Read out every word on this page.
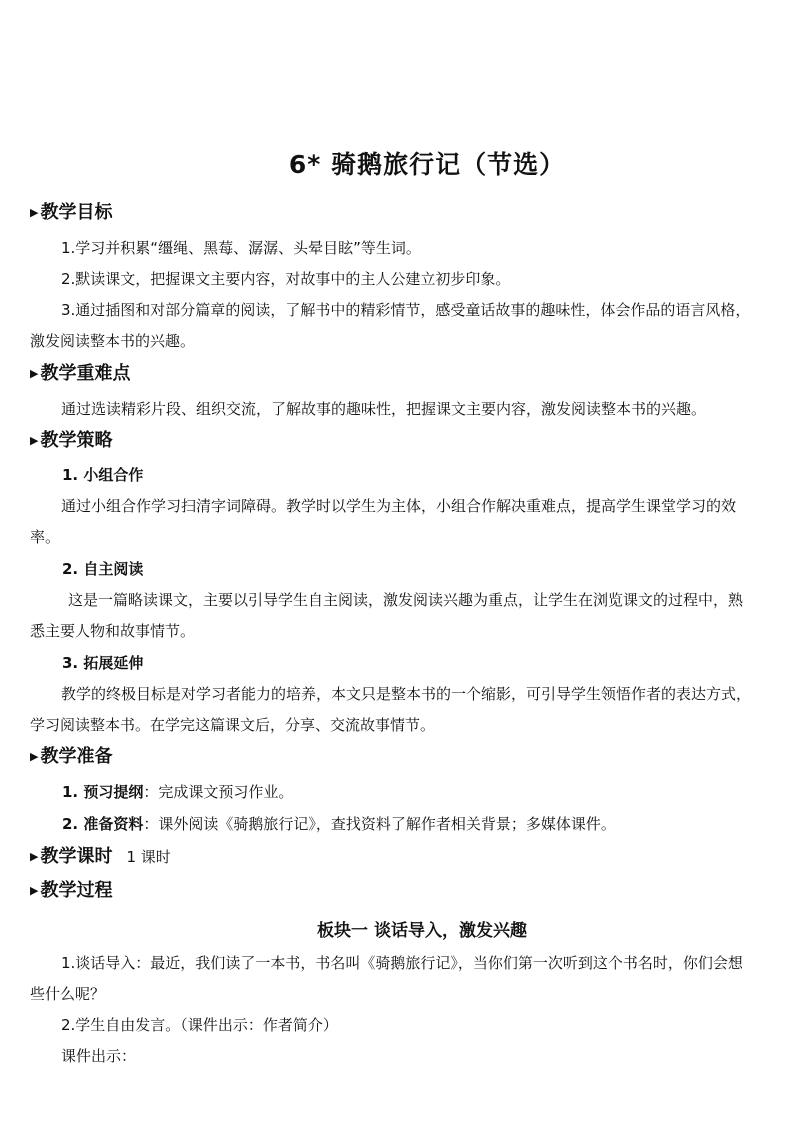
6* 骑鹅旅行记（节选）
▶ 教学目标
1.学习并积累“缰绳、黑莓、潺潺、头晕目眩”等生词。
2.默读课文，把握课文主要内容，对故事中的主人公建立初步印象。
3.通过插图和对部分篇章的阅读，了解书中的精彩情节，感受童话故事的趣味性，体会作品的语言风格，激发阅读整本书的兴趣。
▶ 教学重难点
通过选读精彩片段、组织交流，了解故事的趣味性，把握课文主要内容，激发阅读整本书的兴趣。
▶ 教学策略
1. 小组合作
通过小组合作学习扫清字词障碍。教学时以学生为主体，小组合作解决重难点，提高学生课堂学习的效率。
2. 自主阅读
这是一篇略读课文，主要以引导学生自主阅读，激发阅读兴趣为重点，让学生在浏览课文的过程中，熟悉主要人物和故事情节。
3. 拓展延伸
教学的终极目标是对学习者能力的培养，本文只是整本书的一个缩影，可引导学生领悟作者的表达方式，学习阅读整本书。在学完这篇课文后，分享、交流故事情节。
▶ 教学准备
1. 预习提纲：完成课文预习作业。
2. 准备资料：课外阅读《骑鹅旅行记》，查找资料了解作者相关背景；多媒体课件。
▶ 教学课时 1 课时
▶ 教学过程
板块一 谈话导入，激发兴趣
1.谈话导入：最近，我们读了一本书，书名叫《骑鹅旅行记》，当你们第一次听到这个书名时，你们会想些什么呢？
2.学生自由发言。（课件出示：作者简介）
课件出示：
